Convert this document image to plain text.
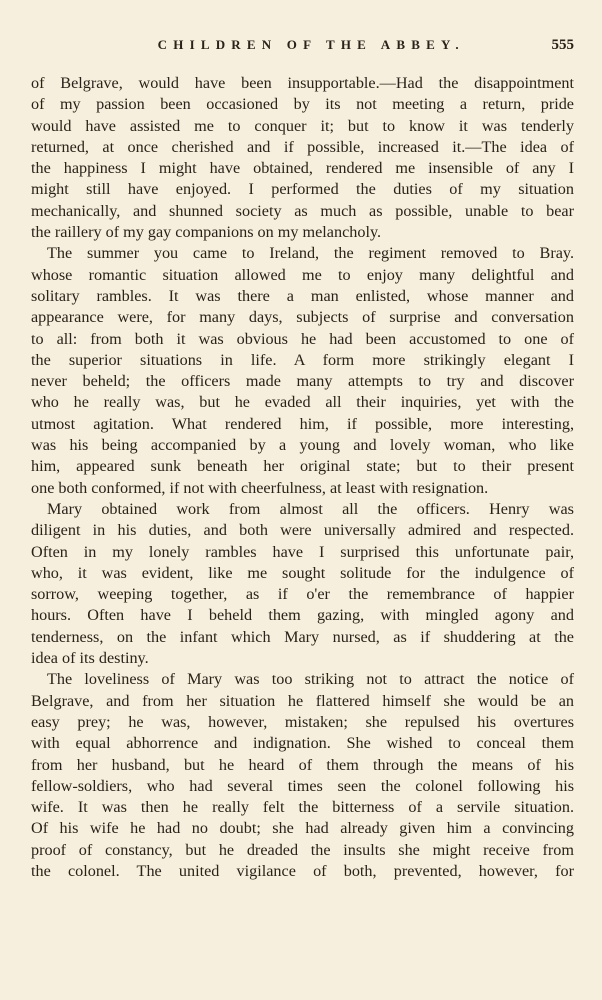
CHILDREN OF THE ABBEY.	555

of Belgrave, would have been insupportable.—Had the disappointment
of my passion been occasioned by its not meeting a return, pride
would have assisted me to conquer it; but to know it was tenderly
returned, at once cherished and if possible, increased it.—The idea of
the happiness I might have obtained, rendered me insensible of any I
might still have enjoyed. I performed the duties of my situation
mechanically, and shunned society as much as possible, unable to bear
the raillery of my gay companions on my melancholy.

The summer you came to Ireland, the regiment removed to Bray.
whose romantic situation allowed me to enjoy many delightful and
solitary rambles. It was there a man enlisted, whose manner and
appearance were, for many days, subjects of surprise and conversation
to all: from both it was obvious he had been accustomed to one of
the superior situations in life. A form more strikingly elegant I
never beheld; the officers made many attempts to try and discover
who he really was, but he evaded all their inquiries, yet with the
utmost agitation. What rendered him, if possible, more interesting,
was his being accompanied by a young and lovely woman, who like
him, appeared sunk beneath her original state; but to their present
one both conformed, if not with cheerfulness, at least with resignation.

Mary obtained work from almost all the officers. Henry was
diligent in his duties, and both were universally admired and respected.
Often in my lonely rambles have I surprised this unfortunate pair,
who, it was evident, like me sought solitude for the indulgence of
sorrow, weeping together, as if o'er the remembrance of happier
hours. Often have I beheld them gazing, with mingled agony and
tenderness, on the infant which Mary nursed, as if shuddering at the
idea of its destiny.

The loveliness of Mary was too striking not to attract the notice of
Belgrave, and from her situation he flattered himself she would be an
easy prey; he was, however, mistaken; she repulsed his overtures
with equal abhorrence and indignation. She wished to conceal them
from her husband, but he heard of them through the means of his
fellow-soldiers, who had several times seen the colonel following his
wife. It was then he really felt the bitterness of a servile situation.
Of his wife he had no doubt; she had already given him a convincing
proof of constancy, but he dreaded the insults she might receive from
the colonel. The united vigilance of both, prevented, however, for
